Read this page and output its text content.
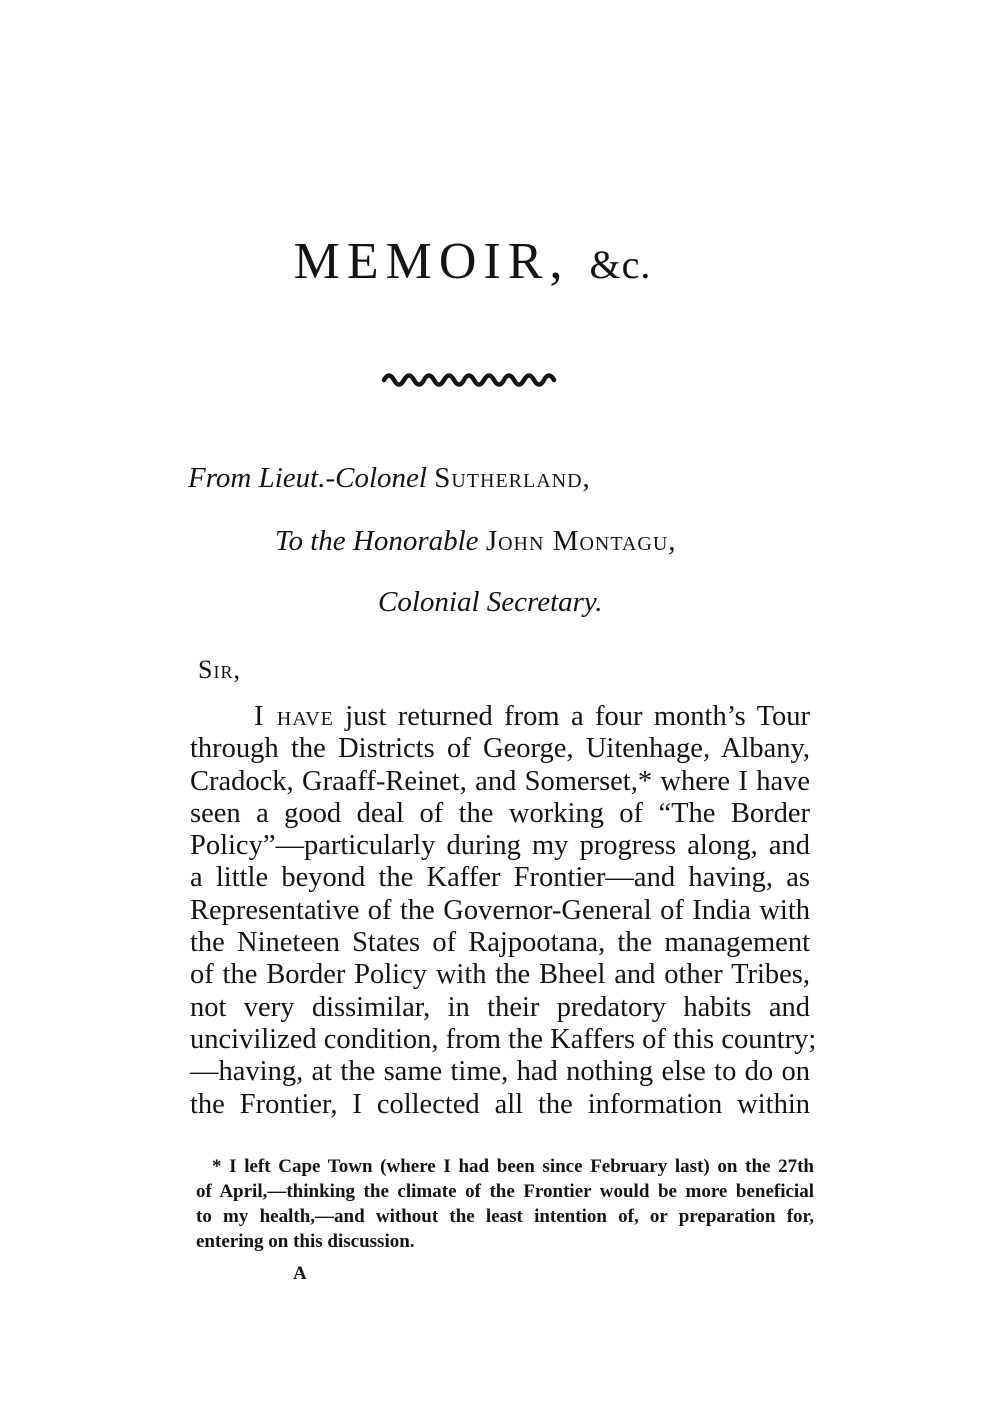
MEMOIR, &c.
From Lieut.-Colonel Sutherland,
To the Honorable John Montagu,
Colonial Secretary.
Sir,
I have just returned from a four month’s Tour
through the Districts of George, Uitenhage, Albany,
Cradock, Graaff-Reinet, and Somerset,* where I have
seen a good deal of the working of “The Border
Policy”—particularly during my progress along, and
a little beyond the Kaffer Frontier—and having, as
Representative of the Governor-General of India with
the Nineteen States of Rajpootana, the management
of the Border Policy with the Bheel and other Tribes,
not very dissimilar, in their predatory habits and
uncivilized condition, from the Kaffers of this country;
—having, at the same time, had nothing else to do on
the Frontier, I collected all the information within
* I left Cape Town (where I had been since February last) on the 27th
of April,—thinking the climate of the Frontier would be more beneficial
to my health,—and without the least intention of, or preparation for,
entering on this discussion.
A
